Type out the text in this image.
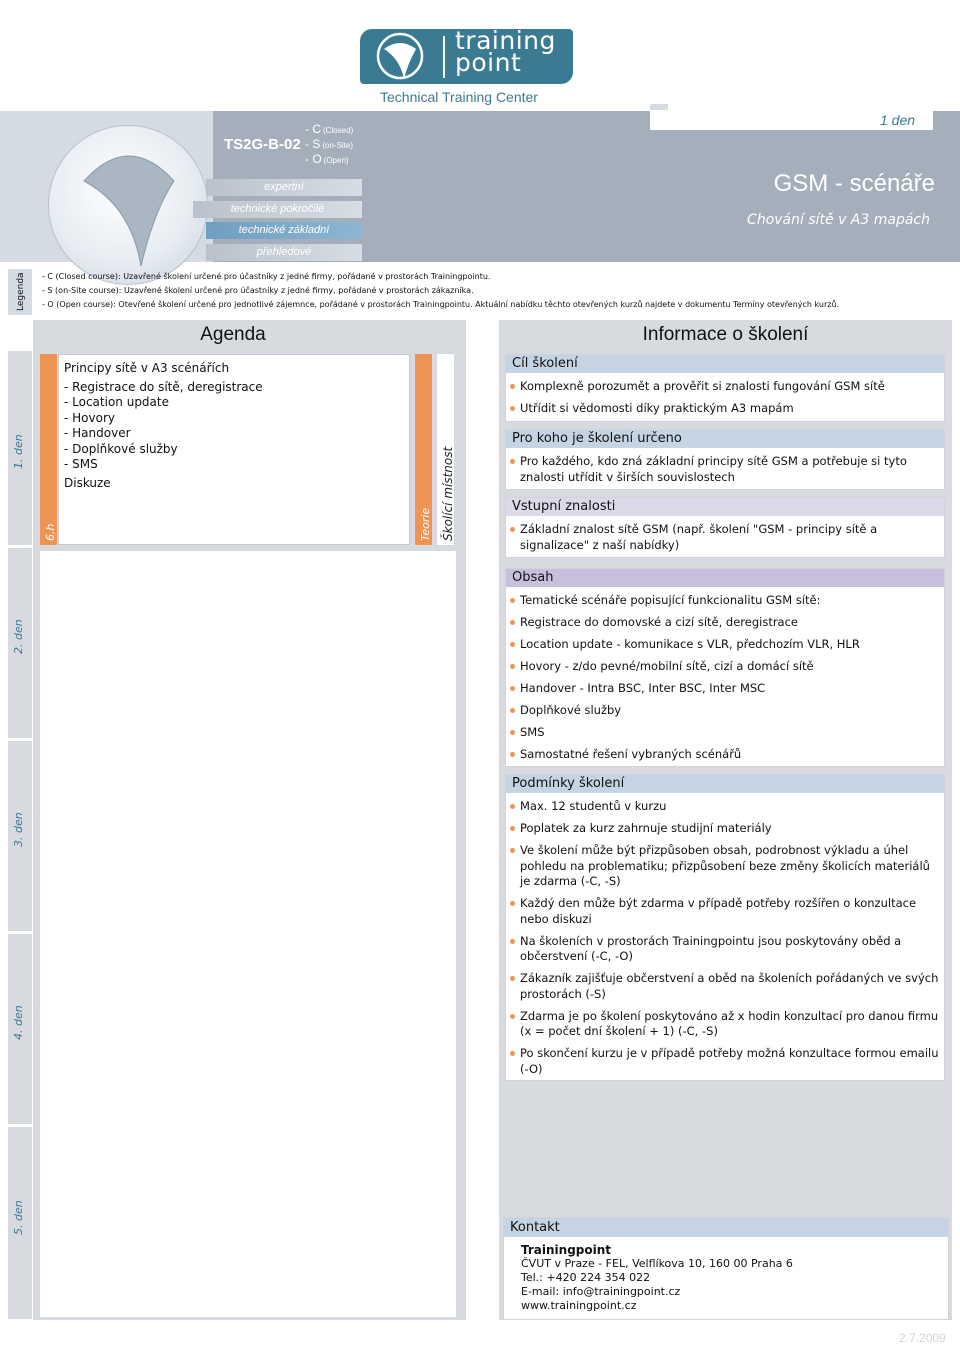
training
point
Technical Training Center
TS2G-B-02
- C (Closed)
- S (on-Site)
- O (Open)
expertní
technické pokročilé
technické základní
přehledové
1 den
GSM - scénáře
Chování sítě v A3 mapách
Legenda - C (Closed course): Uzavřené školení určené pro účastníky z jedné firmy, pořádané v prostorách Trainingpointu.
- S (on-Site course): Uzavřené školení určené pro účastníky z jedné firmy, pořádané v prostorách zákazníka.
- O (Open course): Otevřené školení určené pro jednotlivé zájemnce, pořádané v prostorách Trainingpointu. Aktuální nabídku těchto otevřených kurzů najdete v dokumentu Termíny otevřených kurzů.
Agenda
1. den
2. den
3. den
4. den
5. den
6.h
Principy sítě v A3 scénářích
- Registrace do sítě, deregistrace
- Location update
- Hovory
- Handover
- Doplňkové služby
- SMS
Diskuze
Teorie Školící místnost
Informace o školení
Cíl školení
Komplexně porozumět a prověřit si znalosti fungování GSM sítě
Utřídit si vědomosti díky praktickým A3 mapám
Pro koho je školení určeno
Pro každého, kdo zná základní principy sítě GSM a potřebuje si tyto znalosti utřídit v širších souvislostech
Vstupní znalosti
Základní znalost sítě GSM (např. školení "GSM - principy sítě a signalizace" z naší nabídky)
Obsah
Tematické scénáře popisující funkcionalitu GSM sítě:
Registrace do domovské a cizí sítě, deregistrace
Location update - komunikace s VLR, předchozím VLR, HLR
Hovory - z/do pevné/mobilní sítě, cizí a domácí sítě
Handover - Intra BSC, Inter BSC, Inter MSC
Doplňkové služby
SMS
Samostatné řešení vybraných scénářů
Podmínky školení
Max. 12 studentů v kurzu
Poplatek za kurz zahrnuje studijní materiály
Ve školení může být přizpůsoben obsah, podrobnost výkladu a úhel pohledu na problematiku; přizpůsobení beze změny školicích materiálů je zdarma (-C, -S)
Každý den může být zdarma v případě potřeby rozšířen o konzultace nebo diskuzi
Na školeních v prostorách Trainingpointu jsou poskytovány oběd a občerstvení (-C, -O)
Zákazník zajišťuje občerstvení a oběd na školeních pořádaných ve svých prostorách (-S)
Zdarma je po školení poskytováno až x hodin konzultací pro danou firmu (x = počet dní školení + 1) (-C, -S)
Po skončení kurzu je v případě potřeby možná konzultace formou emailu (-O)
Kontakt
Trainingpoint
ČVUT v Praze - FEL, Velflíkova 10, 160 00 Praha 6
Tel.: +420 224 354 022
E-mail: info@trainingpoint.cz
www.trainingpoint.cz
2.7.2009
